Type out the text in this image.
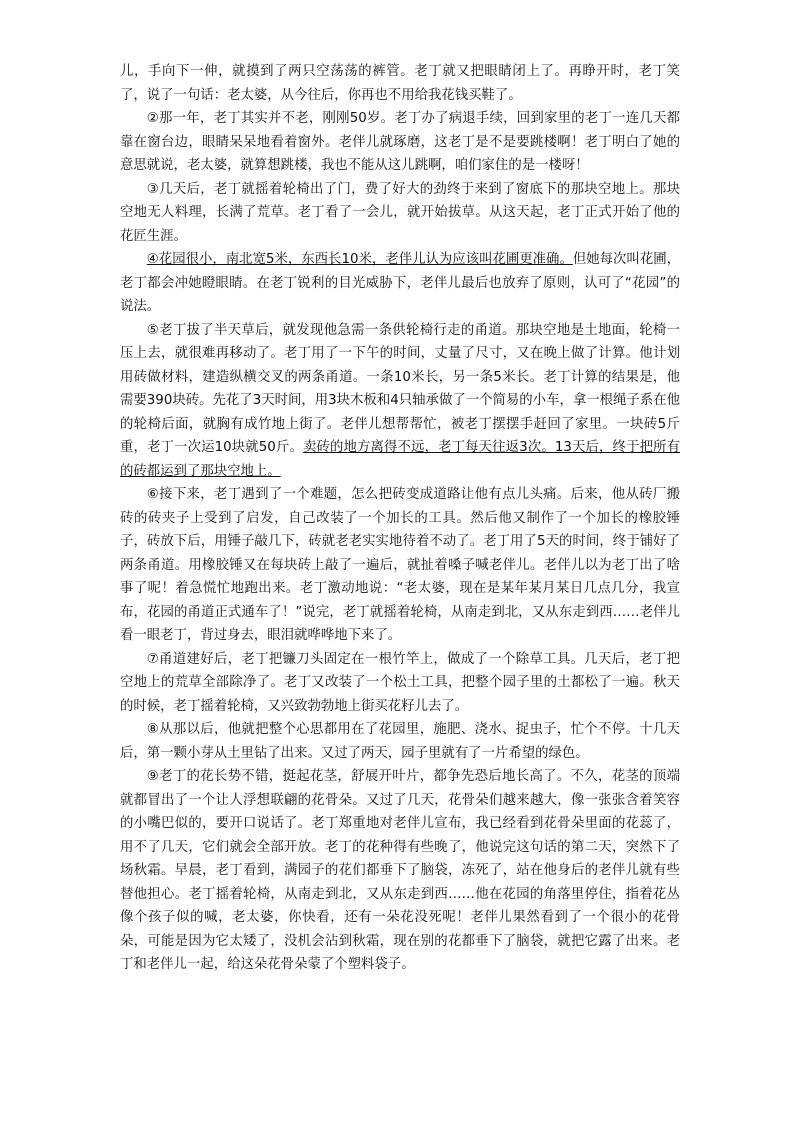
儿，手向下一伸，就摸到了两只空荡荡的裤管。老丁就又把眼睛闭上了。再睁开时，老丁笑了，说了一句话：老太婆，从今往后，你再也不用给我花钱买鞋了。

②那一年，老丁其实并不老，刚刚50岁。老丁办了病退手续，回到家里的老丁一连几天都靠在窗台边，眼睛呆呆地看着窗外。老伴儿就琢磨，这老丁是不是要跳楼啊！老丁明白了她的意思就说，老太婆，就算想跳楼，我也不能从这儿跳啊，咱们家住的是一楼呀！

③几天后，老丁就摇着轮椅出了门，费了好大的劲终于来到了窗底下的那块空地上。那块空地无人料理，长满了荒草。老丁看了一会儿，就开始拔草。从这天起，老丁正式开始了他的花匠生涯。

④花园很小，南北宽5米，东西长10米，老伴儿认为应该叫花圃更准确。但她每次叫花圃，老丁都会冲她瞪眼睛。在老丁锐利的目光威胁下，老伴儿最后也放弃了原则，认可了“花园”的说法。

⑤老丁拔了半天草后，就发现他急需一条供轮椅行走的甬道。那块空地是土地面，轮椅一压上去，就很难再移动了。老丁用了一下午的时间，丈量了尺寸，又在晚上做了计算。他计划用砖做材料，建造纵横交叉的两条甬道。一条10米长，另一条5米长。老丁计算的结果是，他需要390块砖。先花了3天时间，用3块木板和4只轴承做了一个简易的小车，拿一根绳子系在他的轮椅后面，就胸有成竹地上街了。老伴儿想帮帮忙，被老丁摆摆手赶回了家里。一块砖5斤重，老丁一次运10块就50斤。卖砖的地方离得不远，老丁每天往返3次。13天后，终于把所有的砖都运到了那块空地上。

⑥接下来，老丁遇到了一个难题，怎么把砖变成道路让他有点儿头痛。后来，他从砖厂搬砖的砖夹子上受到了启发，自己改装了一个加长的工具。然后他又制作了一个加长的橡胶锤子，砖放下后，用锤子敲几下，砖就老老实实地待着不动了。老丁用了5天的时间，终于铺好了两条甬道。用橡胶锤又在每块砖上敲了一遍后，就扯着嗓子喊老伴儿。老伴儿以为老丁出了啥事了呢！着急慌忙地跑出来。老丁激动地说：“老太婆，现在是某年某月某日几点几分，我宣布，花园的甬道正式通车了！”说完，老丁就摇着轮椅，从南走到北，又从东走到西……老伴儿看一眼老丁，背过身去，眼泪就哗哗地下来了。

⑦甬道建好后，老丁把镰刀头固定在一根竹竿上，做成了一个除草工具。几天后，老丁把空地上的荒草全部除净了。老丁又改装了一个松土工具，把整个园子里的土都松了一遍。秋天的时候，老丁摇着轮椅，又兴致勃勃地上街买花籽儿去了。

⑧从那以后，他就把整个心思都用在了花园里，施肥、浇水、捉虫子，忙个不停。十几天后，第一颗小芽从土里钻了出来。又过了两天，园子里就有了一片希望的绿色。

⑨老丁的花长势不错，挺起花茎，舒展开叶片，都争先恐后地长高了。不久，花茎的顶端就都冒出了一个让人浮想联翩的花骨朵。又过了几天，花骨朵们越来越大，像一张张含着笑容的小嘴巴似的，要开口说话了。老丁郑重地对老伴儿宣布，我已经看到花骨朵里面的花蕊了，用不了几天，它们就会全部开放。老丁的花种得有些晚了，他说完这句话的第二天，突然下了场秋霜。早晨，老丁看到，满园子的花们都垂下了脑袋，冻死了，站在他身后的老伴儿就有些替他担心。老丁摇着轮椅，从南走到北，又从东走到西……他在花园的角落里停住，指着花丛像个孩子似的喊，老太婆，你快看，还有一朵花没死呢！老伴儿果然看到了一个很小的花骨朵，可能是因为它太矮了，没机会沾到秋霜，现在别的花都垂下了脑袋，就把它露了出来。老丁和老伴儿一起，给这朵花骨朵蒙了个塑料袋子。
